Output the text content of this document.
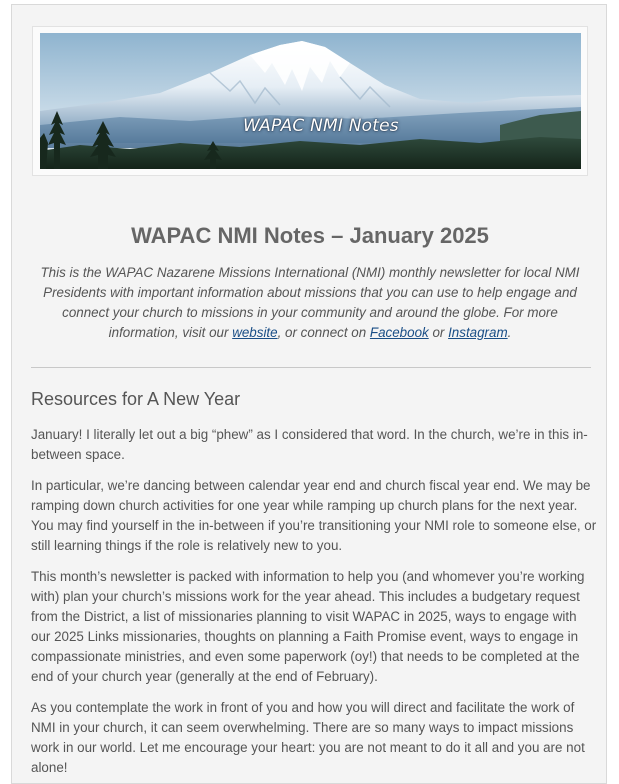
WAPAC NMI Notes
WAPAC NMI Notes – January 2025

This is the WAPAC Nazarene Missions International (NMI) monthly newsletter for local NMI Presidents with important information about missions that you can use to help engage and connect your church to missions in your community and around the globe. For more information, visit our website, or connect on Facebook or Instagram.

Resources for A New Year

January! I literally let out a big “phew” as I considered that word. In the church, we’re in this in-between space.

In particular, we’re dancing between calendar year end and church fiscal year end. We may be ramping down church activities for one year while ramping up church plans for the next year. You may find yourself in the in-between if you’re transitioning your NMI role to someone else, or still learning things if the role is relatively new to you.

This month’s newsletter is packed with information to help you (and whomever you’re working with) plan your church’s missions work for the year ahead. This includes a budgetary request from the District, a list of missionaries planning to visit WAPAC in 2025, ways to engage with our 2025 Links missionaries, thoughts on planning a Faith Promise event, ways to engage in compassionate ministries, and even some paperwork (oy!) that needs to be completed at the end of your church year (generally at the end of February).

As you contemplate the work in front of you and how you will direct and facilitate the work of NMI in your church, it can seem overwhelming. There are so many ways to impact missions work in our world. Let me encourage your heart: you are not meant to do it all and you are not alone!
